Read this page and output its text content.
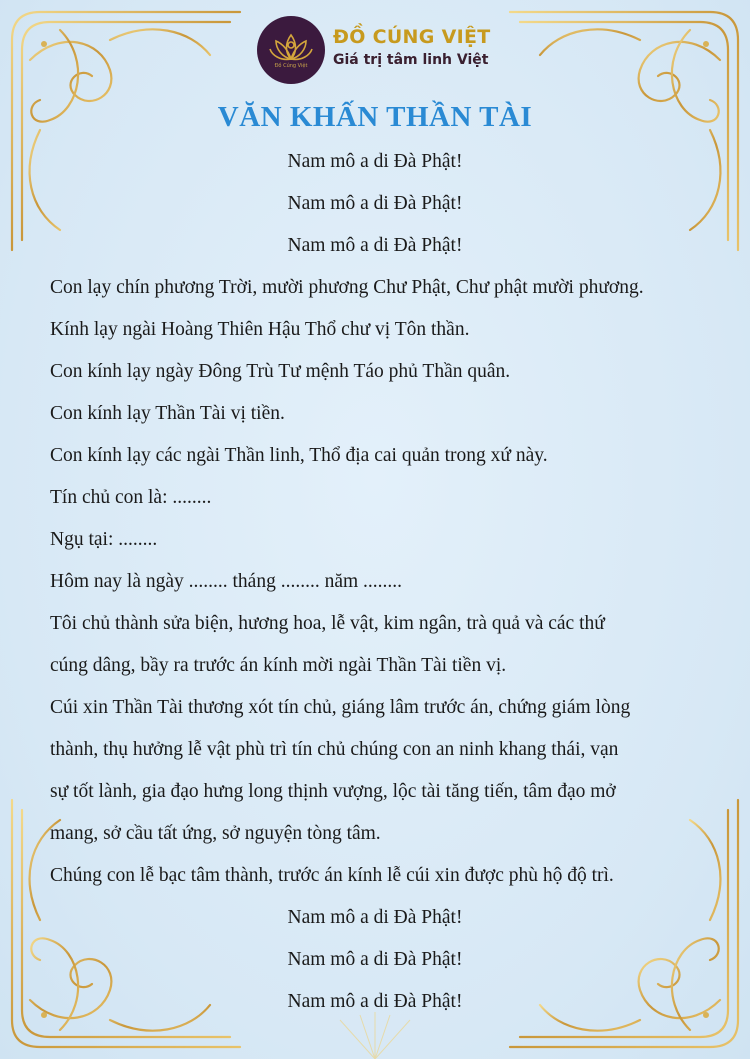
Đồ Cúng Việt
ĐỒ CÚNG VIỆT
Giá trị tâm linh Việt
VĂN KHẤN THẦN TÀI
Nam mô a di Đà Phật!
Nam mô a di Đà Phật!
Nam mô a di Đà Phật!
Con lạy chín phương Trời, mười phương Chư Phật, Chư phật mười phương.
Kính lạy ngài Hoàng Thiên Hậu Thổ chư vị Tôn thần.
Con kính lạy ngày Đông Trù Tư mệnh Táo phủ Thần quân.
Con kính lạy Thần Tài vị tiền.
Con kính lạy các ngài Thần linh, Thổ địa cai quản trong xứ này.
Tín chủ con là: ........
Ngụ tại: ........
Hôm nay là ngày ........ tháng ........ năm ........
Tôi chủ thành sửa biện, hương hoa, lễ vật, kim ngân, trà quả và các thứ
cúng dâng, bầy ra trước án kính mời ngài Thần Tài tiền vị.
Cúi xin Thần Tài thương xót tín chủ, giáng lâm trước án, chứng giám lòng
thành, thụ hưởng lễ vật phù trì tín chủ chúng con an ninh khang thái, vạn
sự tốt lành, gia đạo hưng long thịnh vượng, lộc tài tăng tiến, tâm đạo mở
mang, sở cầu tất ứng, sở nguyện tòng tâm.
Chúng con lễ bạc tâm thành, trước án kính lễ cúi xin được phù hộ độ trì.
Nam mô a di Đà Phật!
Nam mô a di Đà Phật!
Nam mô a di Đà Phật!
